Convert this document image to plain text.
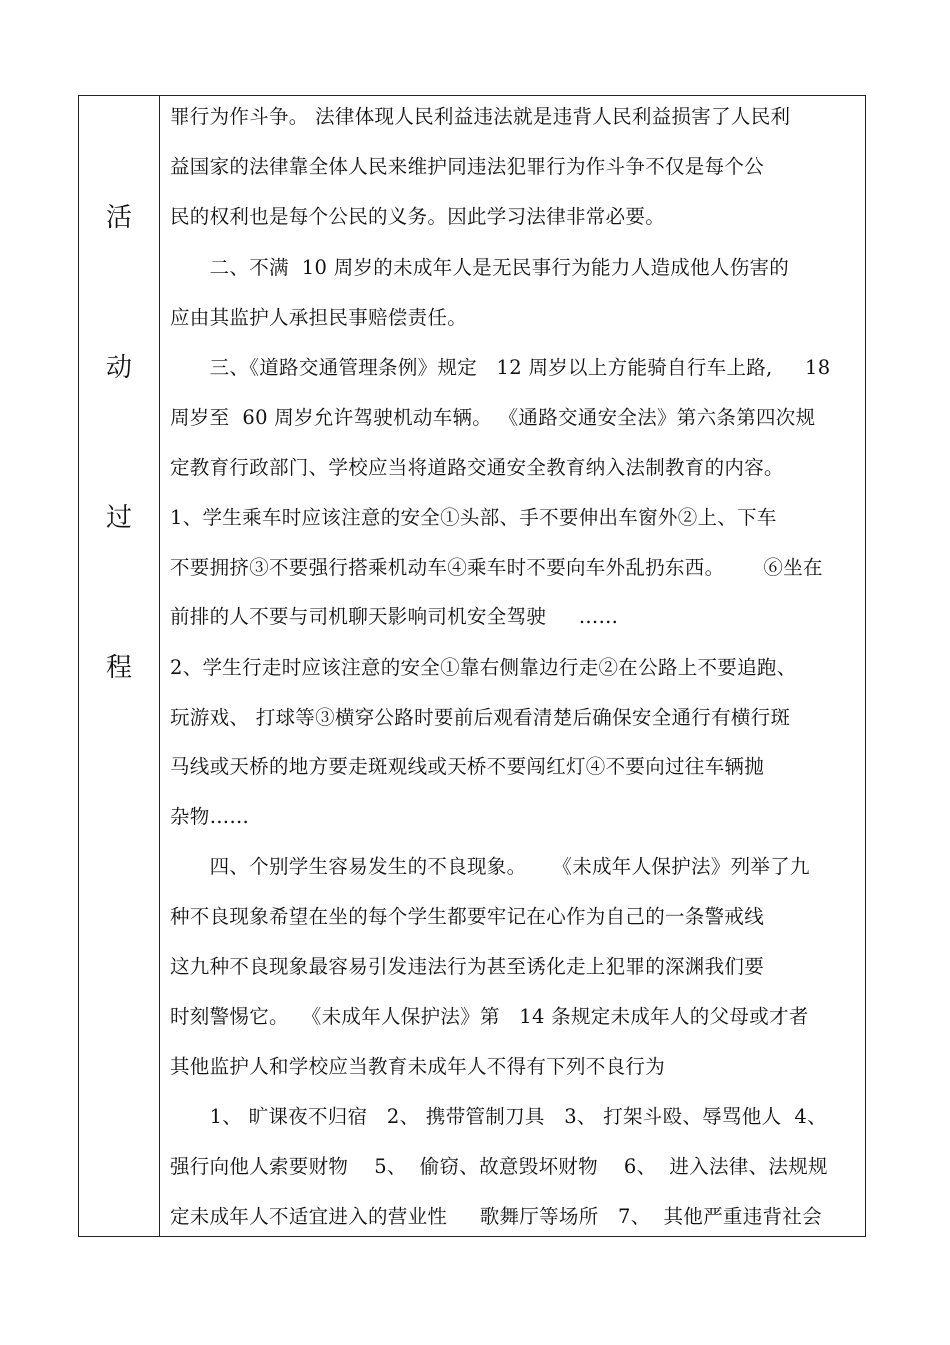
活
动
过
程
罪行为作斗争。 法律体现人民利益违法就是违背人民利益损害了人民利
益国家的法律靠全体人民来维护同违法犯罪行为作斗争不仅是每个公
民的权利也是每个公民的义务。因此学习法律非常必要。
　　二、不满  10 周岁的未成年人是无民事行为能力人造成他人伤害的
应由其监护人承担民事赔偿责任。
　　三、《道路交通管理条例》规定   12 周岁以上方能骑自行车上路,     18
周岁至  60 周岁允许驾驶机动车辆。 《通路交通安全法》第六条第四次规
定教育行政部门、学校应当将道路交通安全教育纳入法制教育的内容。
1、学生乘车时应该注意的安全①头部、手不要伸出车窗外②上、下车
不要拥挤③不要强行搭乘机动车④乘车时不要向车外乱扔东西。      ⑥坐在
前排的人不要与司机聊天影响司机安全驾驶     ……
2、学生行走时应该注意的安全①靠右侧靠边行走②在公路上不要追跑、
玩游戏、 打球等③横穿公路时要前后观看清楚后确保安全通行有横行斑
马线或天桥的地方要走斑观线或天桥不要闯红灯④不要向过往车辆抛
杂物……
　　四、个别学生容易发生的不良现象。    《未成年人保护法》列举了九
种不良现象希望在坐的每个学生都要牢记在心作为自己的一条警戒线
这九种不良现象最容易引发违法行为甚至诱化走上犯罪的深渊我们要
时刻警惕它。  《未成年人保护法》第   14 条规定未成年人的父母或才者
其他监护人和学校应当教育未成年人不得有下列不良行为
　　1、 旷课夜不归宿   2、 携带管制刀具   3、 打架斗殴、辱骂他人  4、
强行向他人索要财物    5、  偷窃、故意毁坏财物    6、  进入法律、法规规
定未成年人不适宜进入的营业性     歌舞厅等场所   7、  其他严重违背社会
